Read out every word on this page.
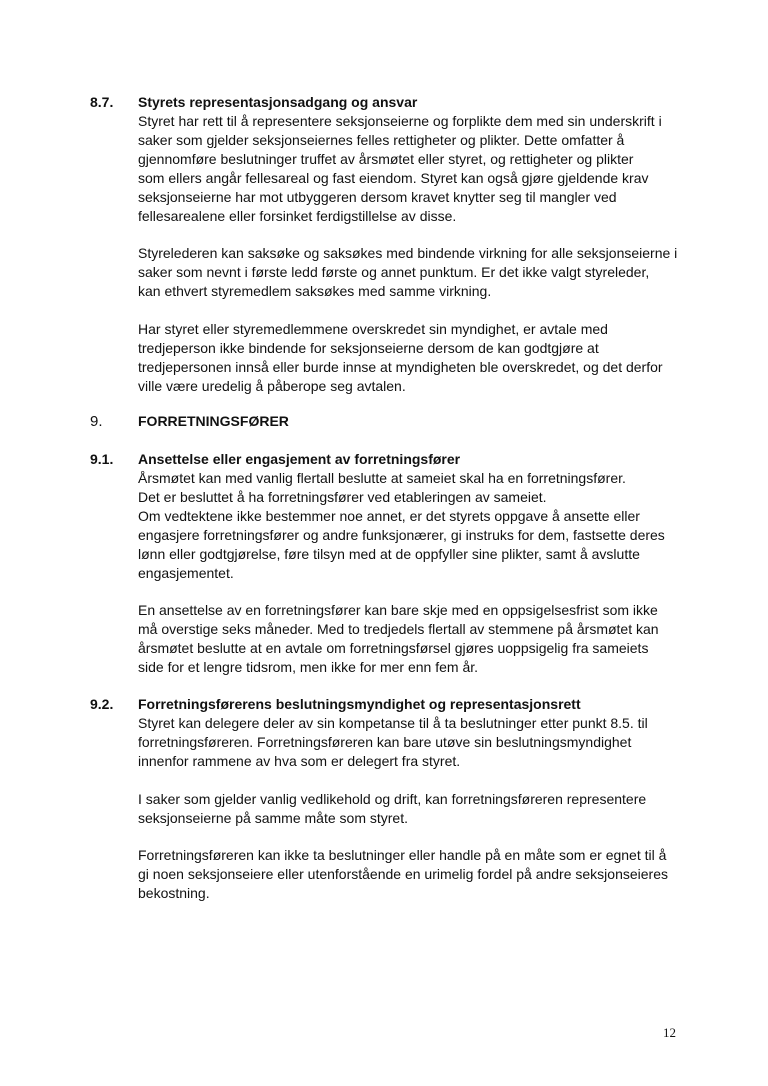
8.7. Styrets representasjonsadgang og ansvar
Styret har rett til å representere seksjonseierne og forplikte dem med sin underskrift i
saker som gjelder seksjonseiernes felles rettigheter og plikter. Dette omfatter å
gjennomføre beslutninger truffet av årsmøtet eller styret, og rettigheter og plikter
som ellers angår fellesareal og fast eiendom. Styret kan også gjøre gjeldende krav
seksjonseierne har mot utbyggeren dersom kravet knytter seg til mangler ved
fellesarealene eller forsinket ferdigstillelse av disse.

Styrelederen kan saksøke og saksøkes med bindende virkning for alle seksjonseierne i
saker som nevnt i første ledd første og annet punktum. Er det ikke valgt styreleder,
kan ethvert styremedlem saksøkes med samme virkning.

Har styret eller styremedlemmene overskredet sin myndighet, er avtale med
tredjeperson ikke bindende for seksjonseierne dersom de kan godtgjøre at
tredjepersonen innså eller burde innse at myndigheten ble overskredet, og det derfor
ville være uredelig å påberope seg avtalen.
9.	FORRETNINGSFØRER
9.1. Ansettelse eller engasjement av forretningsfører
Årsmøtet kan med vanlig flertall beslutte at sameiet skal ha en forretningsfører.
Det er besluttet å ha forretningsfører ved etableringen av sameiet.
Om vedtektene ikke bestemmer noe annet, er det styrets oppgave å ansette eller
engasjere forretningsfører og andre funksjonærer, gi instruks for dem, fastsette deres
lønn eller godtgjørelse, føre tilsyn med at de oppfyller sine plikter, samt å avslutte
engasjementet.

En ansettelse av en forretningsfører kan bare skje med en oppsigelsesfrist som ikke
må overstige seks måneder. Med to tredjedels flertall av stemmene på årsmøtet kan
årsmøtet beslutte at en avtale om forretningsførsel gjøres uoppsigelig fra sameiets
side for et lengre tidsrom, men ikke for mer enn fem år.
9.2. Forretningsførerens beslutningsmyndighet og representasjonsrett
Styret kan delegere deler av sin kompetanse til å ta beslutninger etter punkt 8.5. til
forretningsføreren. Forretningsføreren kan bare utøve sin beslutningsmyndighet
innenfor rammene av hva som er delegert fra styret.

I saker som gjelder vanlig vedlikehold og drift, kan forretningsføreren representere
seksjonseierne på samme måte som styret.

Forretningsføreren kan ikke ta beslutninger eller handle på en måte som er egnet til å
gi noen seksjonseiere eller utenforstående en urimelig fordel på andre seksjonseieres
bekostning.
12
